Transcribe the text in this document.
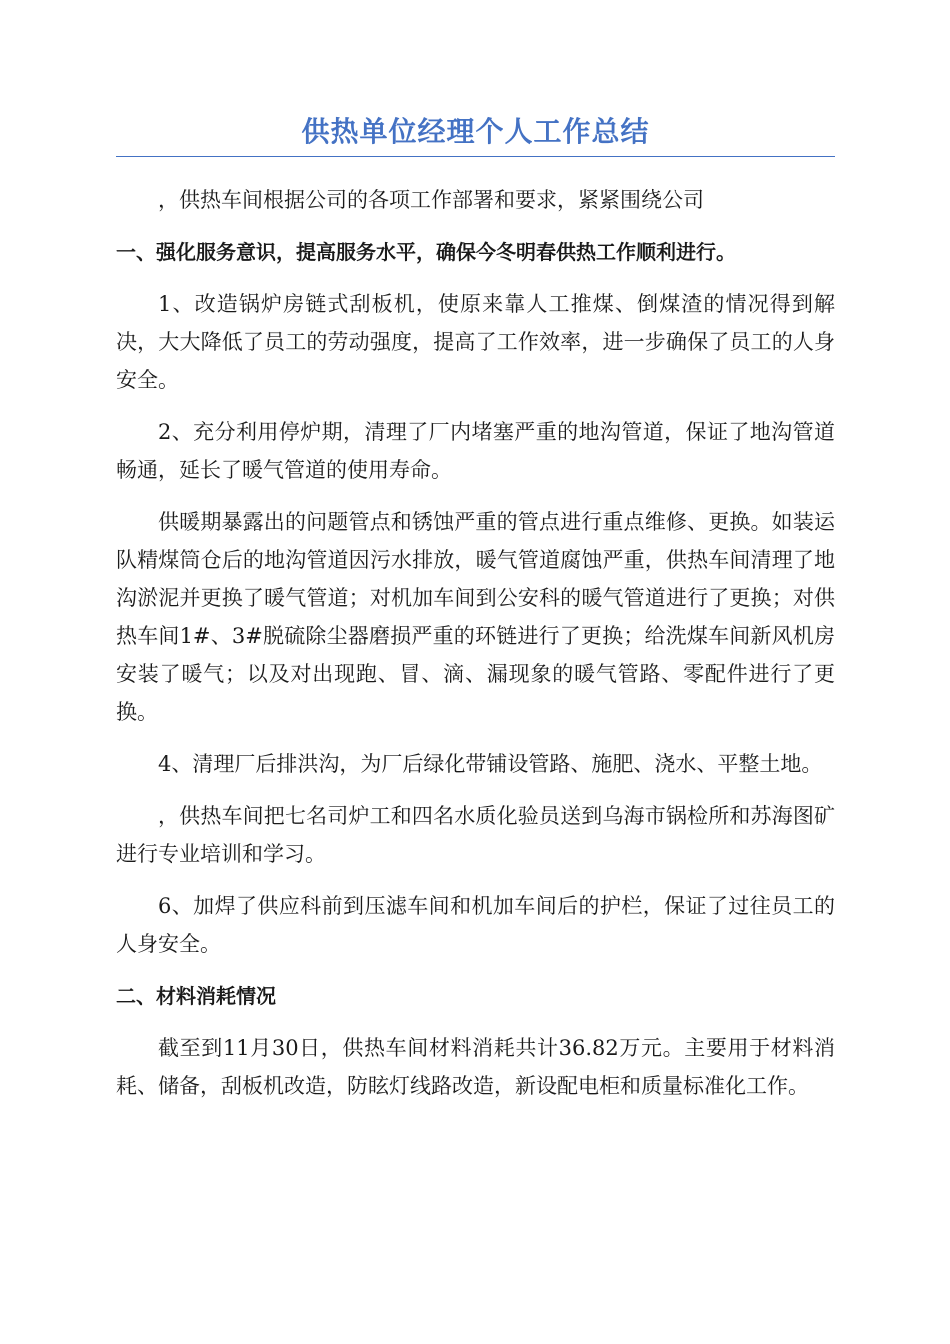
供热单位经理个人工作总结

，供热车间根据公司的各项工作部署和要求，紧紧围绕公司

一、强化服务意识，提高服务水平，确保今冬明春供热工作顺利进行。

1、改造锅炉房链式刮板机，使原来靠人工推煤、倒煤渣的情况得到解决，大大降低了员工的劳动强度，提高了工作效率，进一步确保了员工的人身安全。

2、充分利用停炉期，清理了厂内堵塞严重的地沟管道，保证了地沟管道畅通，延长了暖气管道的使用寿命。

供暖期暴露出的问题管点和锈蚀严重的管点进行重点维修、更换。如装运队精煤筒仓后的地沟管道因污水排放，暖气管道腐蚀严重，供热车间清理了地沟淤泥并更换了暖气管道；对机加车间到公安科的暖气管道进行了更换；对供热车间1#、3#脱硫除尘器磨损严重的环链进行了更换；给洗煤车间新风机房安装了暖气；以及对出现跑、冒、滴、漏现象的暖气管路、零配件进行了更换。

4、清理厂后排洪沟，为厂后绿化带铺设管路、施肥、浇水、平整土地。

，供热车间把七名司炉工和四名水质化验员送到乌海市锅检所和苏海图矿进行专业培训和学习。

6、加焊了供应科前到压滤车间和机加车间后的护栏，保证了过往员工的人身安全。

二、材料消耗情况

截至到11月30日，供热车间材料消耗共计36.82万元。主要用于材料消耗、储备，刮板机改造，防眩灯线路改造，新设配电柜和质量标准化工作。
